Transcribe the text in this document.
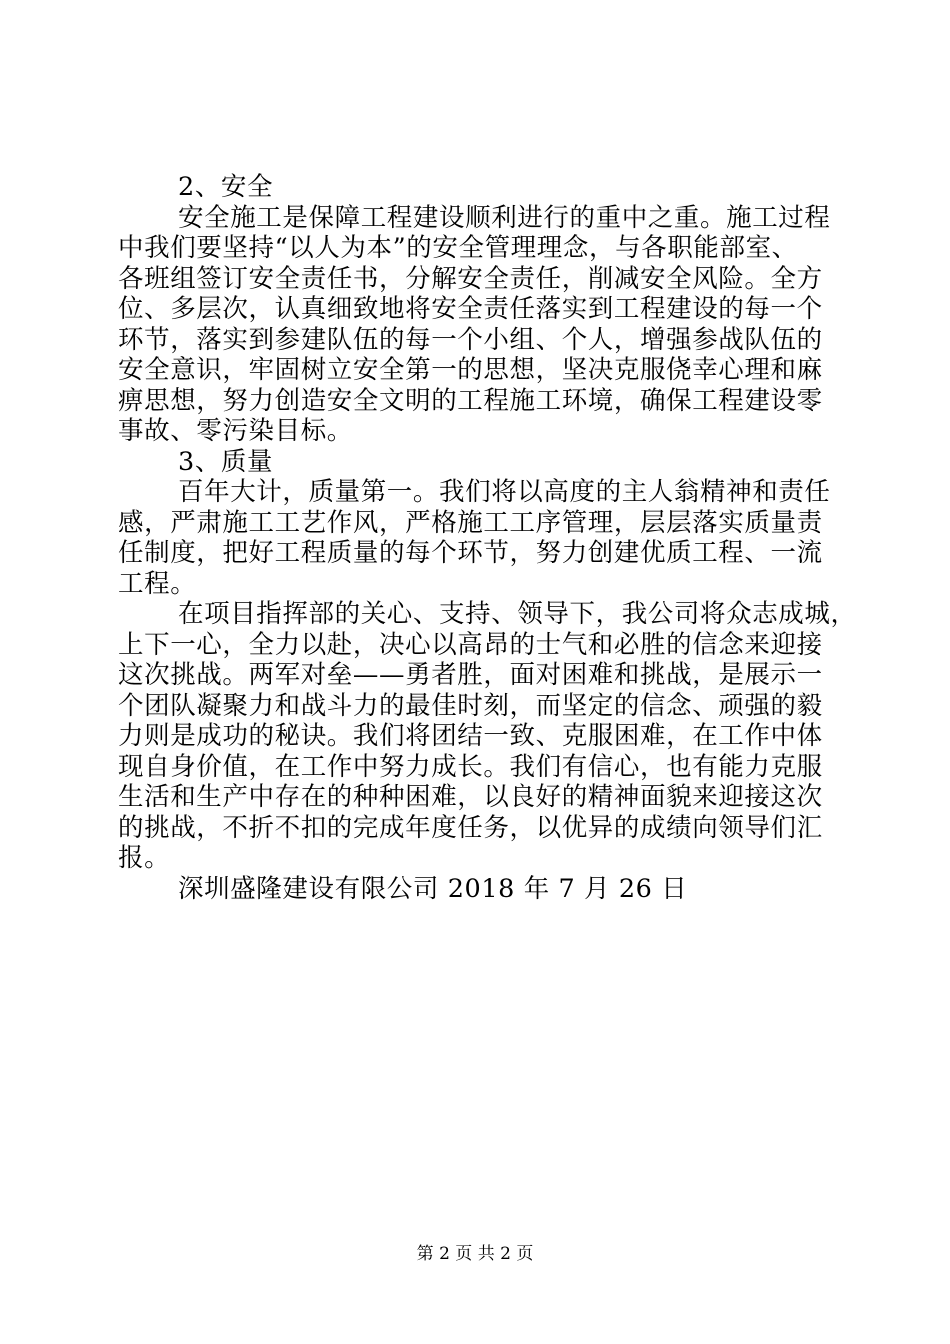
2、安全
安全施工是保障工程建设顺利进行的重中之重。施工过程
中我们要坚持“以人为本”的安全管理理念，与各职能部室、
各班组签订安全责任书，分解安全责任，削减安全风险。全方
位、多层次，认真细致地将安全责任落实到工程建设的每一个
环节，落实到参建队伍的每一个小组、个人，增强参战队伍的
安全意识，牢固树立安全第一的思想，坚决克服侥幸心理和麻
痹思想，努力创造安全文明的工程施工环境，确保工程建设零
事故、零污染目标。
3、质量
百年大计，质量第一。我们将以高度的主人翁精神和责任
感，严肃施工工艺作风，严格施工工序管理，层层落实质量责
任制度，把好工程质量的每个环节，努力创建优质工程、一流
工程。
在项目指挥部的关心、支持、领导下，我公司将众志成城，
上下一心，全力以赴，决心以高昂的士气和必胜的信念来迎接
这次挑战。两军对垒——勇者胜，面对困难和挑战，是展示一
个团队凝聚力和战斗力的最佳时刻，而坚定的信念、顽强的毅
力则是成功的秘诀。我们将团结一致、克服困难，在工作中体
现自身价值，在工作中努力成长。我们有信心，也有能力克服
生活和生产中存在的种种困难，以良好的精神面貌来迎接这次
的挑战，不折不扣的完成年度任务，以优异的成绩向领导们汇
报。
深圳盛隆建设有限公司 2018 年 7 月 26 日
第 2 页 共 2 页
